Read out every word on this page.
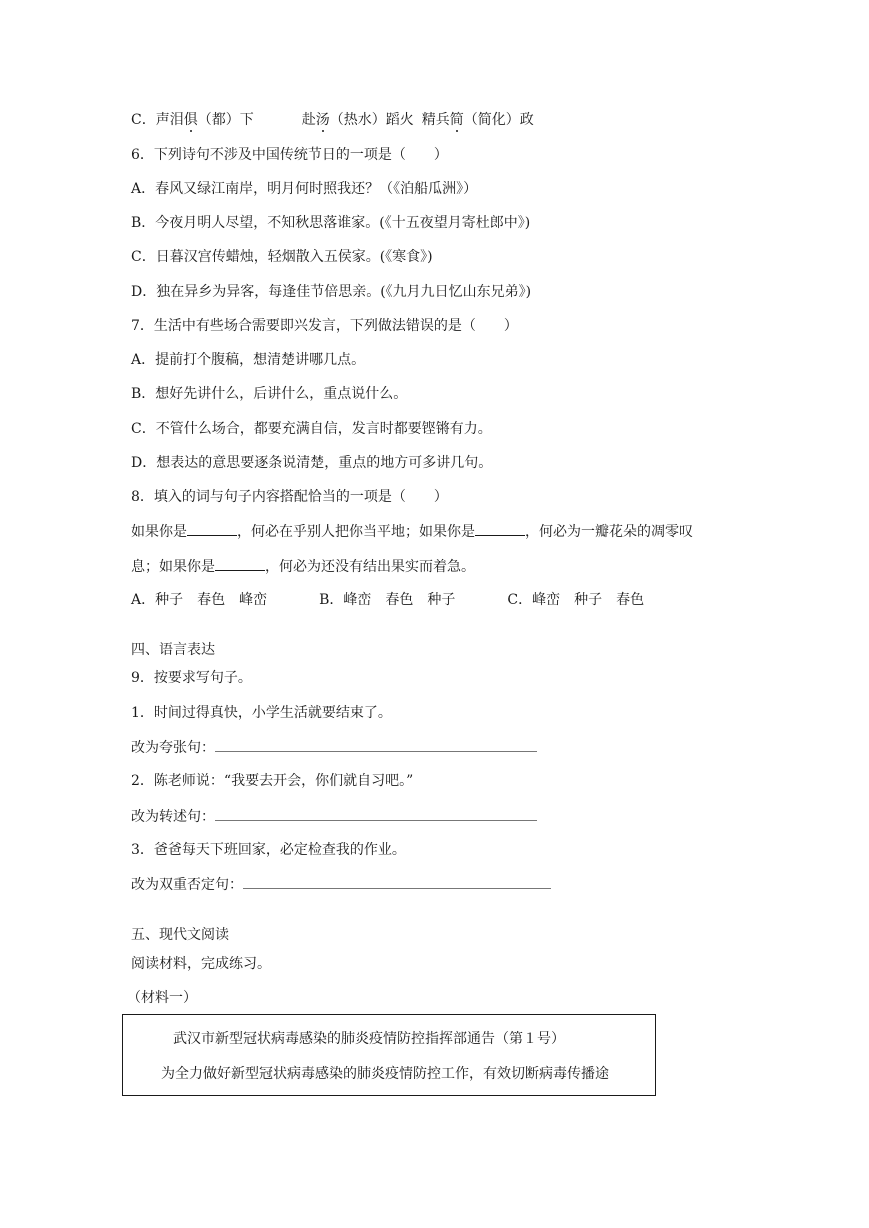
C．声泪俱（都）下	赴汤（热水）蹈火 精兵简（简化）政
6．下列诗句不涉及中国传统节日的一项是（　　）
A．春风又绿江南岸，明月何时照我还？（《泊船瓜洲》）
B．今夜月明人尽望，不知秋思落谁家。(《十五夜望月寄杜郎中》)
C．日暮汉宫传蜡烛，轻烟散入五侯家。(《寒食》)
D．独在异乡为异客，每逢佳节倍思亲。(《九月九日忆山东兄弟》)
7．生活中有些场合需要即兴发言，下列做法错误的是（　　）
A．提前打个腹稿，想清楚讲哪几点。
B．想好先讲什么，后讲什么，重点说什么。
C．不管什么场合，都要充满自信，发言时都要铿锵有力。
D．想表达的意思要逐条说清楚，重点的地方可多讲几句。
8．填入的词与句子内容搭配恰当的一项是（　　）
如果你是	，何必在乎别人把你当平地；如果你是	，何必为一瓣花朵的凋零叹
息；如果你是	，何必为还没有结出果实而着急。
A．种子　春色　峰峦	B．峰峦　春色　种子	C．峰峦　种子　春色
四、语言表达
9．按要求写句子。
1．时间过得真快，小学生活就要结束了。
改为夸张句：
2．陈老师说：“我要去开会，你们就自习吧。”
改为转述句：
3．爸爸每天下班回家，必定检查我的作业。
改为双重否定句：
五、现代文阅读
阅读材料，完成练习。
（材料一）
武汉市新型冠状病毒感染的肺炎疫情防控指挥部通告（第１号）
为全力做好新型冠状病毒感染的肺炎疫情防控工作，有效切断病毒传播途
